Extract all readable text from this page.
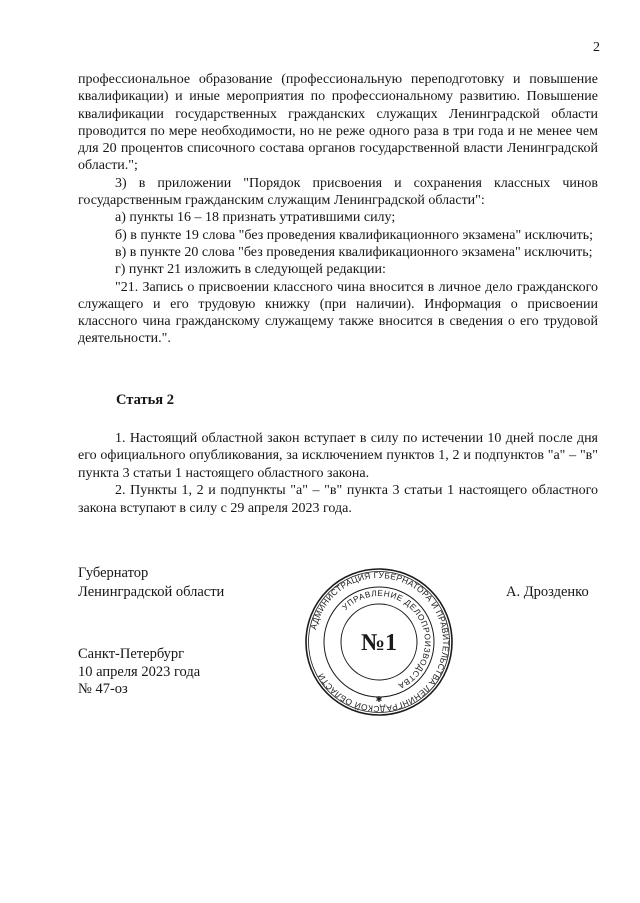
2

профессиональное образование (профессиональную переподготовку и повышение квалификации) и иные мероприятия по профессиональному развитию. Повышение квалификации государственных гражданских служащих Ленинградской области проводится по мере необходимости, но не реже одного раза в три года и не менее чем для 20 процентов списочного состава органов государственной власти Ленинградской области.";

3) в приложении "Порядок присвоения и сохранения классных чинов государственным гражданским служащим Ленинградской области":

а) пункты 16 – 18 признать утратившими силу;

б) в пункте 19 слова "без проведения квалификационного экзамена" исключить;

в) в пункте 20 слова "без проведения квалификационного экзамена" исключить;

г) пункт 21 изложить в следующей редакции:

"21. Запись о присвоении классного чина вносится в личное дело гражданского служащего и его трудовую книжку (при наличии). Информация о присвоении классного чина гражданскому служащему также вносится в сведения о его трудовой деятельности.".

Статья 2

1. Настоящий областной закон вступает в силу по истечении 10 дней после дня его официального опубликования, за исключением пунктов 1, 2 и подпунктов "а" – "в" пункта 3 статьи 1 настоящего областного закона.

2. Пункты 1, 2 и подпункты "а" – "в" пункта 3 статьи 1 настоящего областного закона вступают в силу с 29 апреля 2023 года.

Губернатор
Ленинградской области	А. Дрозденко
Санкт-Петербург
10 апреля 2023 года
№ 47-оз
АДМИНИСТРАЦИЯ ГУБЕРНАТОРА И ПРАВИТЕЛЬСТВА ЛЕНИНГРАДСКОЙ ОБЛАСТИ
УПРАВЛЕНИЕ ДЕЛОПРОИЗВОДСТВА
№1
✱
